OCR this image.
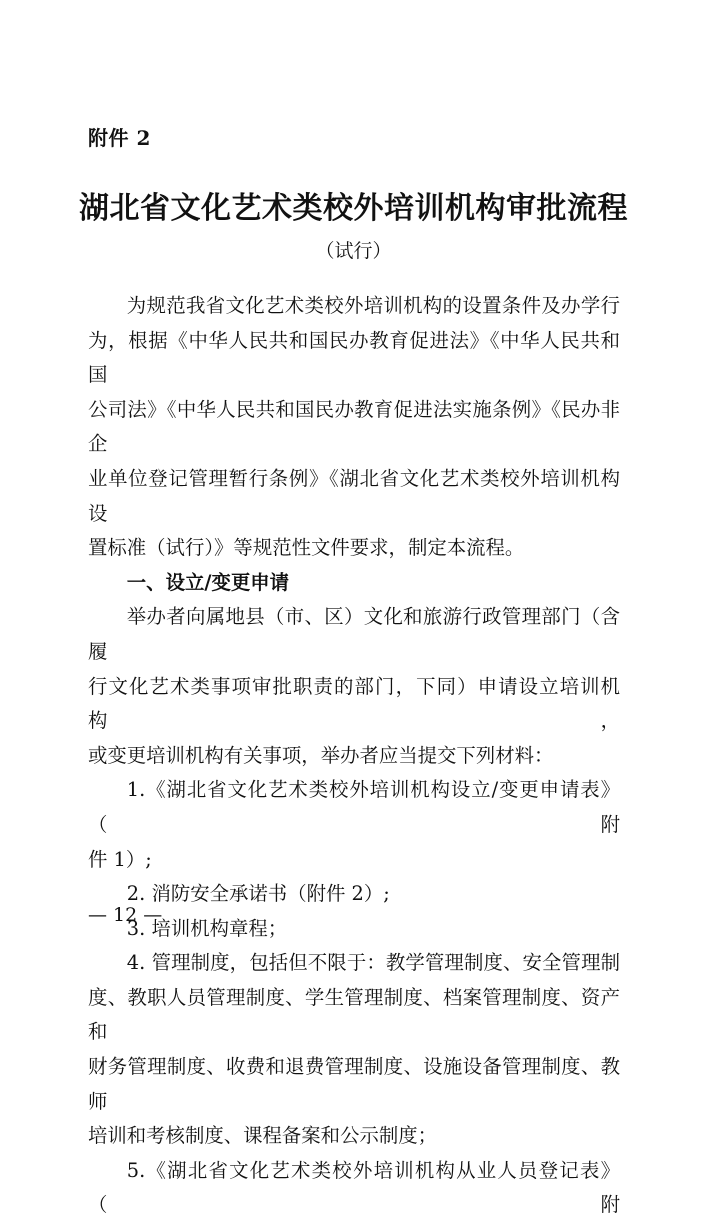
附件 2
湖北省文化艺术类校外培训机构审批流程
（试行）

为规范我省文化艺术类校外培训机构的设置条件及办学行

为，根据《中华人民共和国民办教育促进法》《中华人民共和国

公司法》《中华人民共和国民办教育促进法实施条例》《民办非企

业单位登记管理暂行条例》《湖北省文化艺术类校外培训机构设

置标准（试行）》等规范性文件要求，制定本流程。

一、设立/变更申请

举办者向属地县（市、区）文化和旅游行政管理部门（含履

行文化艺术类事项审批职责的部门，下同）申请设立培训机构，

或变更培训机构有关事项，举办者应当提交下列材料：

1.《湖北省文化艺术类校外培训机构设立/变更申请表》（附

件 1）;

2. 消防安全承诺书（附件 2）;

3. 培训机构章程；

4. 管理制度，包括但不限于：教学管理制度、安全管理制

度、教职人员管理制度、学生管理制度、档案管理制度、资产和

财务管理制度、收费和退费管理制度、设施设备管理制度、教师

培训和考核制度、课程备案和公示制度；

5.《湖北省文化艺术类校外培训机构从业人员登记表》（附

— 12 —
